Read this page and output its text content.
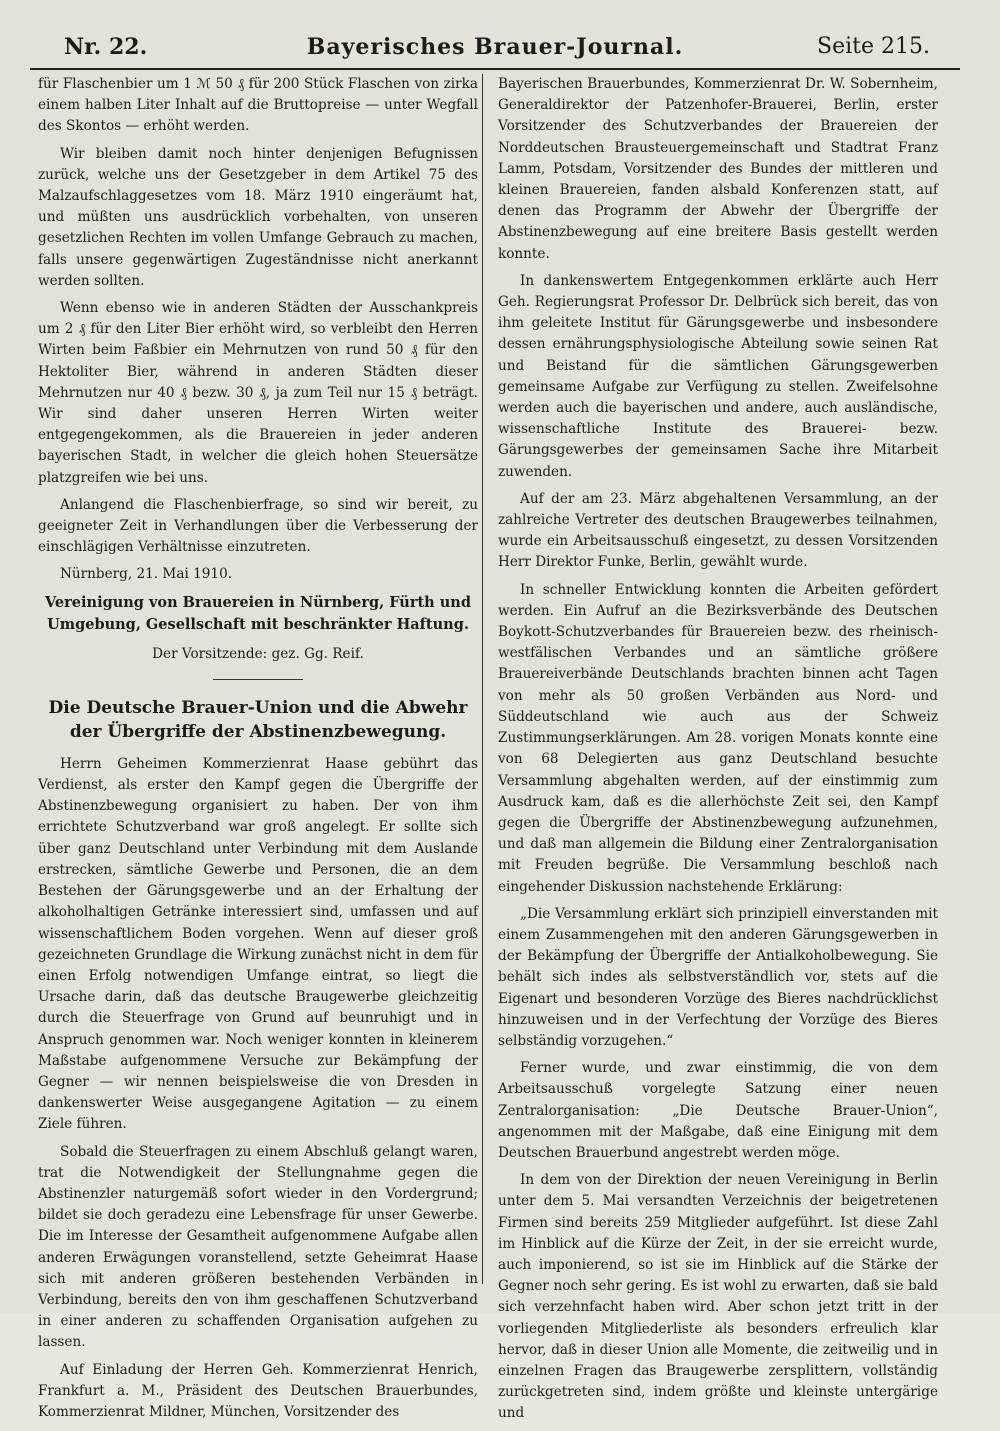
Nr. 22.	Bayerisches Brauer-Journal.	Seite 215.

für Flaschenbier um 1 ℳ 50 ₰ für 200 Stück Flaschen von zirka einem halben Liter Inhalt auf die Bruttopreise — unter Wegfall des Skontos — erhöht werden.

Wir bleiben damit noch hinter denjenigen Befugnissen zurück, welche uns der Gesetzgeber in dem Artikel 75 des Malzaufschlaggesetzes vom 18. März 1910 eingeräumt hat, und müßten uns ausdrücklich vorbehalten, von unseren gesetzlichen Rechten im vollen Umfange Gebrauch zu machen, falls unsere gegenwärtigen Zugeständnisse nicht anerkannt werden sollten.

Wenn ebenso wie in anderen Städten der Ausschankpreis um 2 ₰ für den Liter Bier erhöht wird, so verbleibt den Herren Wirten beim Faßbier ein Mehrnutzen von rund 50 ₰ für den Hektoliter Bier, während in anderen Städten dieser Mehrnutzen nur 40 ₰ bezw. 30 ₰, ja zum Teil nur 15 ₰ beträgt. Wir sind daher unseren Herren Wirten weiter entgegengekommen, als die Brauereien in jeder anderen bayerischen Stadt, in welcher die gleich hohen Steuersätze platzgreifen wie bei uns.

Anlangend die Flaschenbierfrage, so sind wir bereit, zu geeigneter Zeit in Verhandlungen über die Verbesserung der einschlägigen Verhältnisse einzutreten.

Nürnberg, 21. Mai 1910.

Vereinigung von Brauereien in Nürnberg, Fürth und Umgebung, Gesellschaft mit beschränkter Haftung.

Der Vorsitzende: gez. Gg. Reif.

Die Deutsche Brauer-Union und die Abwehr der Übergriffe der Abstinenzbewegung.

Herrn Geheimen Kommerzienrat Haase gebührt das Verdienst, als erster den Kampf gegen die Übergriffe der Abstinenzbewegung organisiert zu haben. Der von ihm errichtete Schutzverband war groß angelegt. Er sollte sich über ganz Deutschland unter Verbindung mit dem Auslande erstrecken, sämtliche Gewerbe und Personen, die an dem Bestehen der Gärungsgewerbe und an der Erhaltung der alkoholhaltigen Getränke interessiert sind, umfassen und auf wissenschaftlichem Boden vorgehen. Wenn auf dieser groß gezeichneten Grundlage die Wirkung zunächst nicht in dem für einen Erfolg notwendigen Umfange eintrat, so liegt die Ursache darin, daß das deutsche Braugewerbe gleichzeitig durch die Steuerfrage von Grund auf beunruhigt und in Anspruch genommen war. Noch weniger konnten in kleinerem Maßstabe aufgenommene Versuche zur Bekämpfung der Gegner — wir nennen beispielsweise die von Dresden in dankenswerter Weise ausgegangene Agitation — zu einem Ziele führen.

Sobald die Steuerfragen zu einem Abschluß gelangt waren, trat die Notwendigkeit der Stellungnahme gegen die Abstinenzler naturgemäß sofort wieder in den Vordergrund; bildet sie doch geradezu eine Lebensfrage für unser Gewerbe. Die im Interesse der Gesamtheit aufgenommene Aufgabe allen anderen Erwägungen voranstellend, setzte Geheimrat Haase sich mit anderen größeren bestehenden Verbänden in Verbindung, bereits den von ihm geschaffenen Schutzverband in einer anderen zu schaffenden Organisation aufgehen zu lassen.

Auf Einladung der Herren Geh. Kommerzienrat Henrich, Frankfurt a. M., Präsident des Deutschen Brauerbundes, Kommerzienrat Mildner, München, Vorsitzender des

Bayerischen Brauerbundes, Kommerzienrat Dr. W. Sobernheim, Generaldirektor der Patzenhofer-Brauerei, Berlin, erster Vorsitzender des Schutzverbandes der Brauereien der Norddeutschen Brausteuergemeinschaft und Stadtrat Franz Lamm, Potsdam, Vorsitzender des Bundes der mittleren und kleinen Brauereien, fanden alsbald Konferenzen statt, auf denen das Programm der Abwehr der Übergriffe der Abstinenzbewegung auf eine breitere Basis gestellt werden konnte.

In dankenswertem Entgegenkommen erklärte auch Herr Geh. Regierungsrat Professor Dr. Delbrück sich bereit, das von ihm geleitete Institut für Gärungsgewerbe und insbesondere dessen ernährungsphysiologische Abteilung sowie seinen Rat und Beistand für die sämtlichen Gärungsgewerben gemeinsame Aufgabe zur Verfügung zu stellen. Zweifelsohne werden auch die bayerischen und andere, auch ausländische, wissenschaftliche Institute des Brauerei- bezw. Gärungsgewerbes der gemeinsamen Sache ihre Mitarbeit zuwenden.

Auf der am 23. März abgehaltenen Versammlung, an der zahlreiche Vertreter des deutschen Braugewerbes teilnahmen, wurde ein Arbeitsausschuß eingesetzt, zu dessen Vorsitzenden Herr Direktor Funke, Berlin, gewählt wurde.

In schneller Entwicklung konnten die Arbeiten gefördert werden. Ein Aufruf an die Bezirksverbände des Deutschen Boykott-Schutzverbandes für Brauereien bezw. des rheinisch-westfälischen Verbandes und an sämtliche größere Brauereiverbände Deutschlands brachten binnen acht Tagen von mehr als 50 großen Verbänden aus Nord- und Süddeutschland wie auch aus der Schweiz Zustimmungserklärungen. Am 28. vorigen Monats konnte eine von 68 Delegierten aus ganz Deutschland besuchte Versammlung abgehalten werden, auf der einstimmig zum Ausdruck kam, daß es die allerhöchste Zeit sei, den Kampf gegen die Übergriffe der Abstinenzbewegung aufzunehmen, und daß man allgemein die Bildung einer Zentralorganisation mit Freuden begrüße. Die Versammlung beschloß nach eingehender Diskussion nachstehende Erklärung:

„Die Versammlung erklärt sich prinzipiell einverstanden mit einem Zusammengehen mit den anderen Gärungsgewerben in der Bekämpfung der Übergriffe der Antialkoholbewegung. Sie behält sich indes als selbstverständlich vor, stets auf die Eigenart und besonderen Vorzüge des Bieres nachdrücklichst hinzuweisen und in der Verfechtung der Vorzüge des Bieres selbständig vorzugehen.“

Ferner wurde, und zwar einstimmig, die von dem Arbeitsausschuß vorgelegte Satzung einer neuen Zentralorganisation: „Die Deutsche Brauer-Union“, angenommen mit der Maßgabe, daß eine Einigung mit dem Deutschen Brauerbund angestrebt werden möge.

In dem von der Direktion der neuen Vereinigung in Berlin unter dem 5. Mai versandten Verzeichnis der beigetretenen Firmen sind bereits 259 Mitglieder aufgeführt. Ist diese Zahl im Hinblick auf die Kürze der Zeit, in der sie erreicht wurde, auch imponierend, so ist sie im Hinblick auf die Stärke der Gegner noch sehr gering. Es ist wohl zu erwarten, daß sie bald sich verzehnfacht haben wird. Aber schon jetzt tritt in der vorliegenden Mitgliederliste als besonders erfreulich klar hervor, daß in dieser Union alle Momente, die zeitweilig und in einzelnen Fragen das Braugewerbe zersplittern, vollständig zurückgetreten sind, indem größte und kleinste untergärige und
